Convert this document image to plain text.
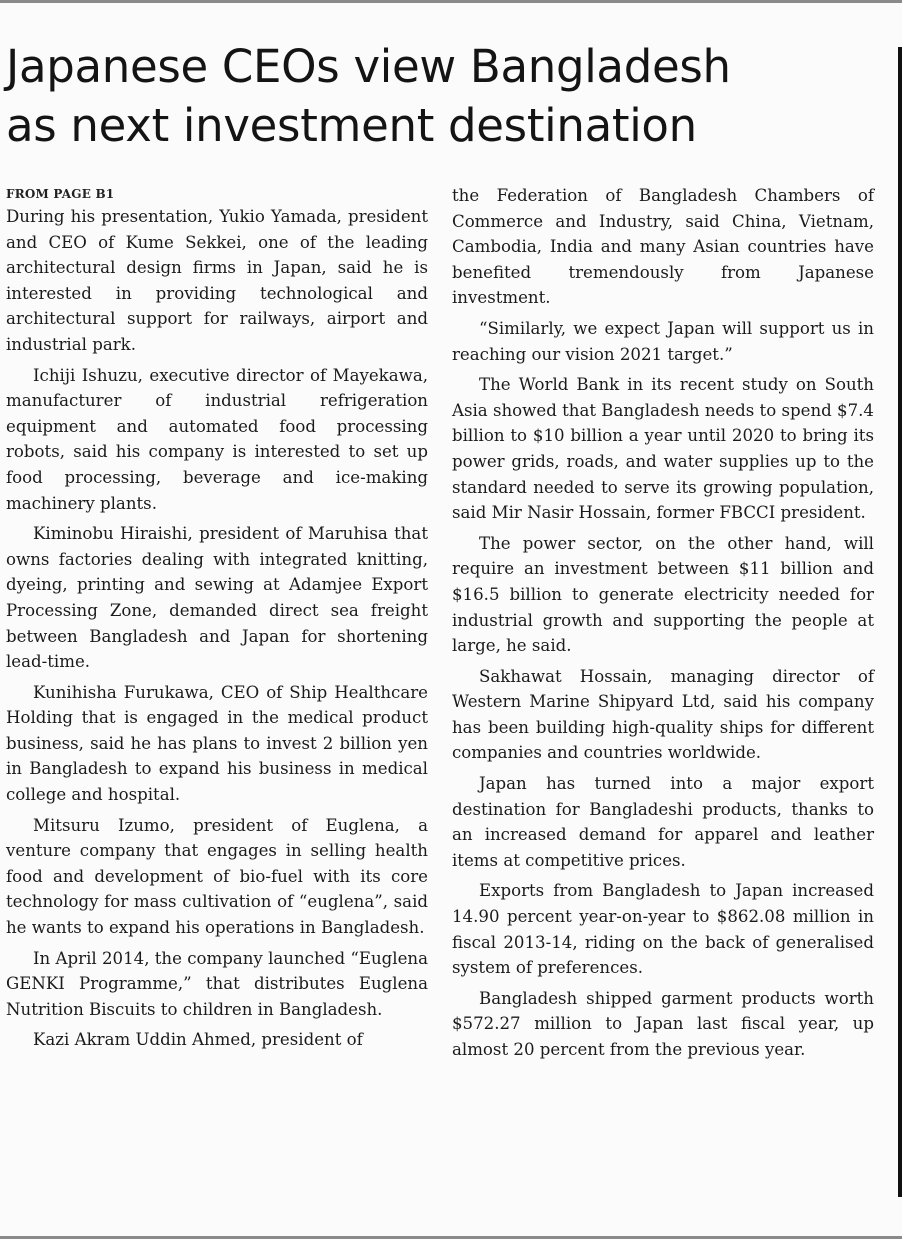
Japanese CEOs view Bangladesh
as next investment destination
FROM PAGE B1

During his presentation, Yukio Yamada, president and CEO of Kume Sekkei, one of the leading architectural design firms in Japan, said he is interested in providing technological and architectural support for railways, airport and industrial park.

Ichiji Ishuzu, executive director of Mayekawa, manufacturer of industrial refrigeration equipment and automated food processing robots, said his company is interested to set up food processing, beverage and ice-making machinery plants.

Kiminobu Hiraishi, president of Maruhisa that owns factories dealing with integrated knitting, dyeing, printing and sewing at Adamjee Export Processing Zone, demanded direct sea freight between Bangladesh and Japan for shortening lead-time.

Kunihisha Furukawa, CEO of Ship Healthcare Holding that is engaged in the medical product business, said he has plans to invest 2 billion yen in Bangladesh to expand his business in medical college and hospital.

Mitsuru Izumo, president of Euglena, a venture company that engages in selling health food and development of bio-fuel with its core technology for mass cultivation of “euglena”, said he wants to expand his operations in Bangladesh.

In April 2014, the company launched “Euglena GENKI Programme,” that distributes Euglena Nutrition Biscuits to children in Bangladesh.

Kazi Akram Uddin Ahmed, president of

the Federation of Bangladesh Chambers of Commerce and Industry, said China, Vietnam, Cambodia, India and many Asian countries have benefited tremendously from Japanese investment.

“Similarly, we expect Japan will support us in reaching our vision 2021 target.”

The World Bank in its recent study on South Asia showed that Bangladesh needs to spend $7.4 billion to $10 billion a year until 2020 to bring its power grids, roads, and water supplies up to the standard needed to serve its growing population, said Mir Nasir Hossain, former FBCCI president.

The power sector, on the other hand, will require an investment between $11 billion and $16.5 billion to generate electricity needed for industrial growth and supporting the people at large, he said.

Sakhawat Hossain, managing director of Western Marine Shipyard Ltd, said his company has been building high-quality ships for different companies and countries worldwide.

Japan has turned into a major export destination for Bangladeshi products, thanks to an increased demand for apparel and leather items at competitive prices.

Exports from Bangladesh to Japan increased 14.90 percent year-on-year to $862.08 million in fiscal 2013-14, riding on the back of generalised system of preferences.

Bangladesh shipped garment products worth $572.27 million to Japan last fiscal year, up almost 20 percent from the previous year.
